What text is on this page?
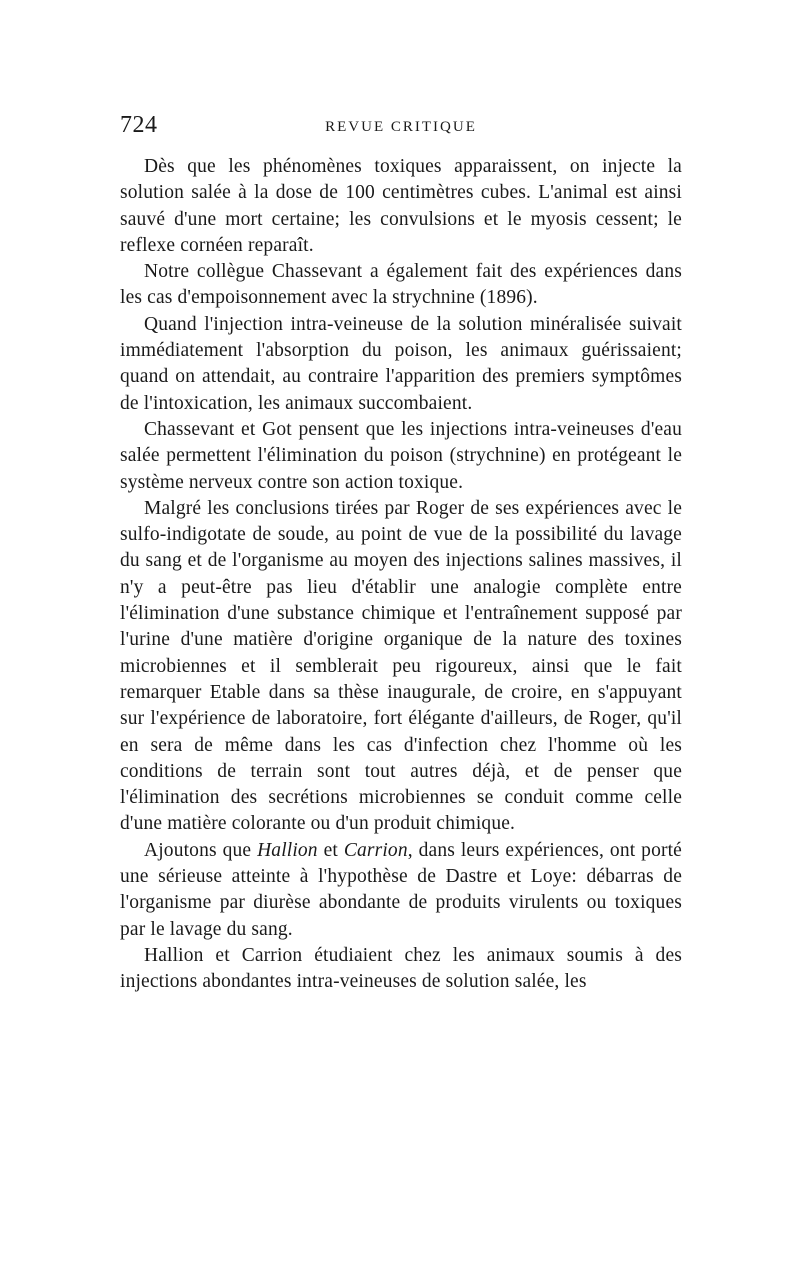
724	REVUE CRITIQUE

Dès que les phénomènes toxiques apparaissent, on injecte la solution salée à la dose de 100 centimètres cubes. L'animal est ainsi sauvé d'une mort certaine; les convulsions et le myosis cessent; le reflexe cornéen reparaît.

Notre collègue Chassevant a également fait des expériences dans les cas d'empoisonnement avec la strychnine (1896).

Quand l'injection intra-veineuse de la solution minéralisée suivait immédiatement l'absorption du poison, les animaux guérissaient; quand on attendait, au contraire l'apparition des premiers symptômes de l'intoxication, les animaux succombaient.

Chassevant et Got pensent que les injections intra-veineuses d'eau salée permettent l'élimination du poison (strychnine) en protégeant le système nerveux contre son action toxique.

Malgré les conclusions tirées par Roger de ses expériences avec le sulfo-indigotate de soude, au point de vue de la possibilité du lavage du sang et de l'organisme au moyen des injections salines massives, il n'y a peut-être pas lieu d'établir une analogie complète entre l'élimination d'une substance chimique et l'entraînement supposé par l'urine d'une matière d'origine organique de la nature des toxines microbiennes et il semblerait peu rigoureux, ainsi que le fait remarquer Etable dans sa thèse inaugurale, de croire, en s'appuyant sur l'expérience de laboratoire, fort élégante d'ailleurs, de Roger, qu'il en sera de même dans les cas d'infection chez l'homme où les conditions de terrain sont tout autres déjà, et de penser que l'élimination des secrétions microbiennes se conduit comme celle d'une matière colorante ou d'un produit chimique.

Ajoutons que Hallion et Carrion, dans leurs expériences, ont porté une sérieuse atteinte à l'hypothèse de Dastre et Loye: débarras de l'organisme par diurèse abondante de produits virulents ou toxiques par le lavage du sang.

Hallion et Carrion étudiaient chez les animaux soumis à des injections abondantes intra-veineuses de solution salée, les
